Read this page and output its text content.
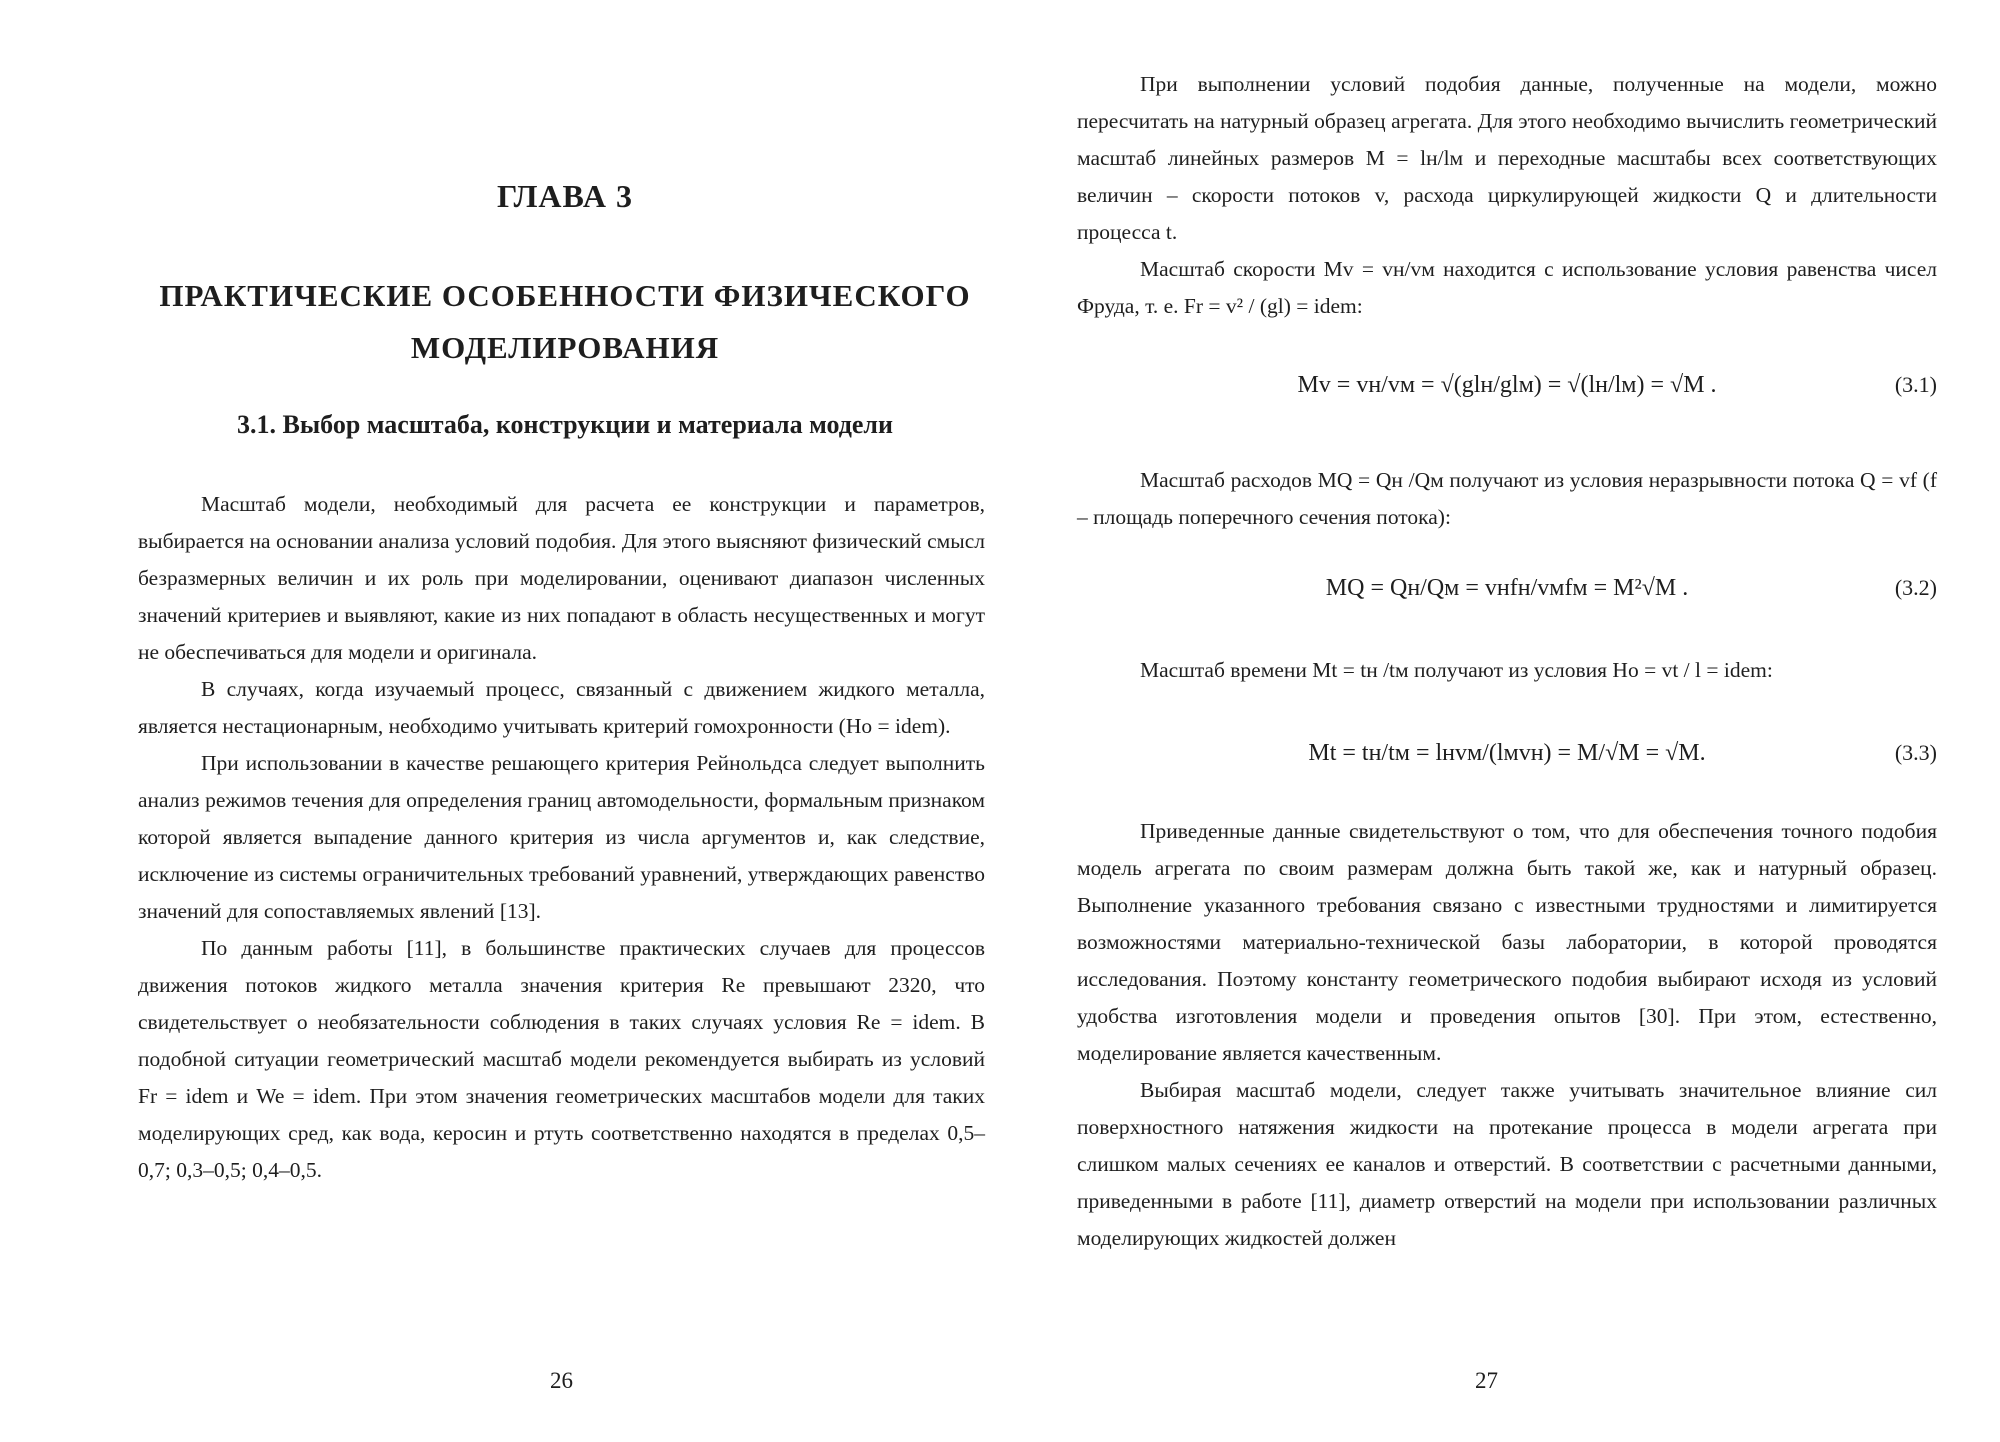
ГЛАВА 3
ПРАКТИЧЕСКИЕ ОСОБЕННОСТИ ФИЗИЧЕСКОГО МОДЕЛИРОВАНИЯ
3.1. Выбор масштаба, конструкции и материала модели

Масштаб модели, необходимый для расчета ее конструкции и параметров, выбирается на основании анализа условий подобия. Для этого выясняют физический смысл безразмерных величин и их роль при моделировании, оценивают диапазон численных значений критериев и выявляют, какие из них попадают в область несущественных и могут не обеспечиваться для модели и оригинала.

В случаях, когда изучаемый процесс, связанный с движением жидкого металла, является нестационарным, необходимо учитывать критерий гомохронности (Ho = idem).

При использовании в качестве решающего критерия Рейнольдса следует выполнить анализ режимов течения для определения границ автомодельности, формальным признаком которой является выпадение данного критерия из числа аргументов и, как следствие, исключение из системы ограничительных требований уравнений, утверждающих равенство значений для сопоставляемых явлений [13].

По данным работы [11], в большинстве практических случаев для процессов движения потоков жидкого металла значения критерия Re превышают 2320, что свидетельствует о необязательности соблюдения в таких случаях условия Re = idem. В подобной ситуации геометрический масштаб модели рекомендуется выбирать из условий Fr = idem и We = idem. При этом значения геометрических масштабов модели для таких моделирующих сред, как вода, керосин и ртуть соответственно находятся в пределах 0,5–0,7; 0,3–0,5; 0,4–0,5.

26

При выполнении условий подобия данные, полученные на модели, можно пересчитать на натурный образец агрегата. Для этого необходимо вычислить геометрический масштаб линейных размеров М = lн/lм и переходные масштабы всех соответствующих величин – скорости потоков v, расхода циркулирующей жидкости Q и длительности процесса t.

Масштаб скорости Mv = vн/vм находится с использование условия равенства чисел Фруда, т. е. Fr = v² / (gl) = idem:

Мv = vн/vм = √(glн/glм) = √(lн/lм) = √М .	(3.1)

Масштаб расходов MQ = Qн /Qм получают из условия неразрывности потока Q = vf (f – площадь поперечного сечения потока):

МQ = Qн/Qм = vнfн/vмfм = М²√М .	(3.2)

Масштаб времени Mt = tн /tм получают из условия Ho = vt / l = idem:

Мt = tн/tм = lнvм/(lмvн) = М/√М = √М.	(3.3)

Приведенные данные свидетельствуют о том, что для обеспечения точного подобия модель агрегата по своим размерам должна быть такой же, как и натурный образец. Выполнение указанного требования связано с известными трудностями и лимитируется возможностями материально-технической базы лаборатории, в которой проводятся исследования. Поэтому константу геометрического подобия выбирают исходя из условий удобства изготовления модели и проведения опытов [30]. При этом, естественно, моделирование является качественным.

Выбирая масштаб модели, следует также учитывать значительное влияние сил поверхностного натяжения жидкости на протекание процесса в модели агрегата при слишком малых сечениях ее каналов и отверстий. В соответствии с расчетными данными, приведенными в работе [11], диаметр отверстий на модели при использовании различных моделирующих жидкостей должен

27
